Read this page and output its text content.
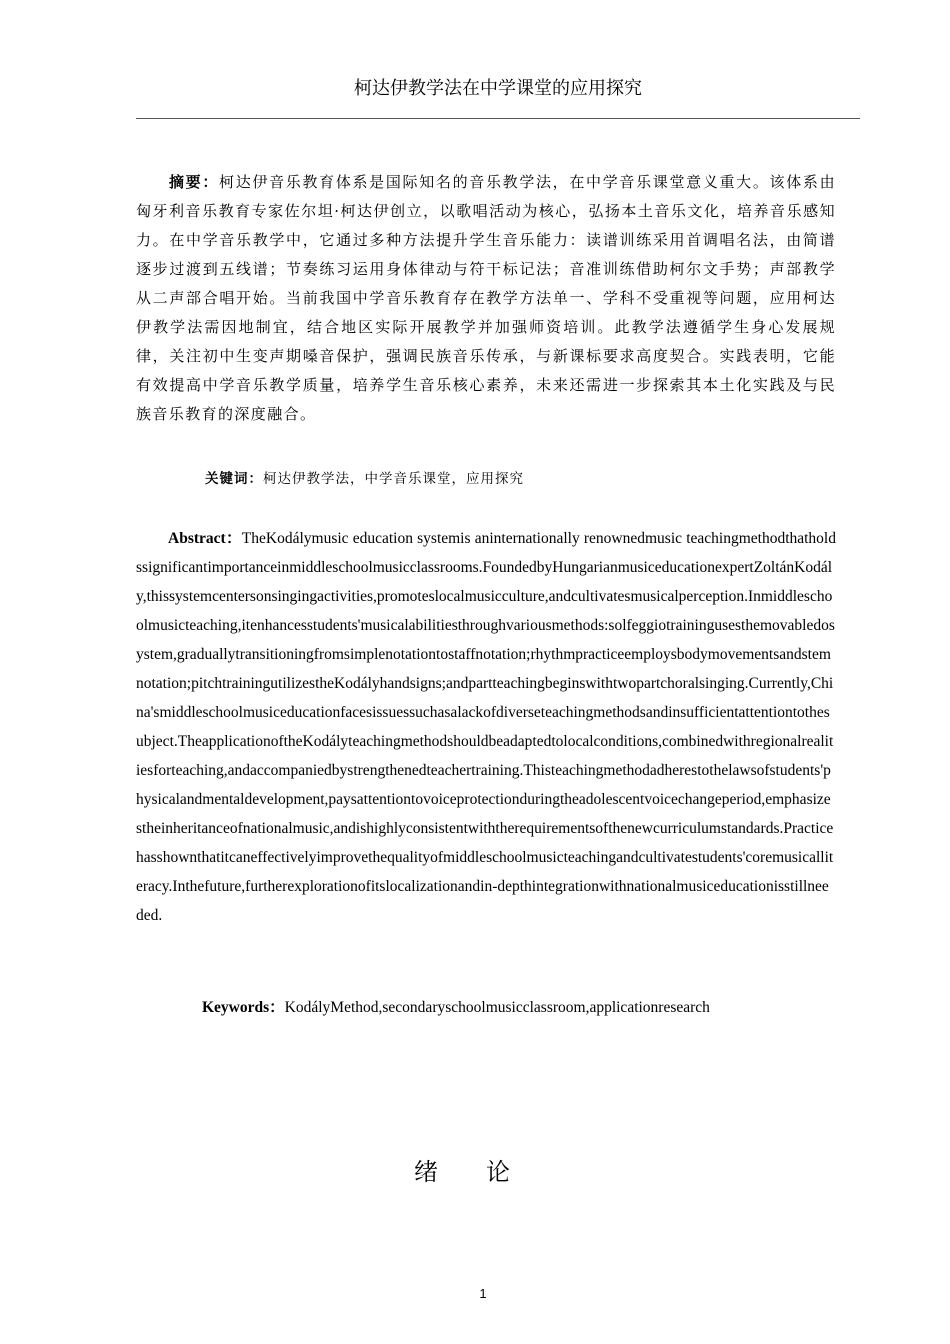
柯达伊教学法在中学课堂的应用探究

摘要：柯达伊音乐教育体系是国际知名的音乐教学法，在中学音乐课堂意义重大。该体系由匈牙利音乐教育专家佐尔坦·柯达伊创立，以歌唱活动为核心，弘扬本土音乐文化，培养音乐感知力。在中学音乐教学中，它通过多种方法提升学生音乐能力：读谱训练采用首调唱名法，由简谱逐步过渡到五线谱；节奏练习运用身体律动与符干标记法；音准训练借助柯尔文手势；声部教学从二声部合唱开始。当前我国中学音乐教育存在教学方法单一、学科不受重视等问题，应用柯达伊教学法需因地制宜，结合地区实际开展教学并加强师资培训。此教学法遵循学生身心发展规律，关注初中生变声期嗓音保护，强调民族音乐传承，与新课标要求高度契合。实践表明，它能有效提高中学音乐教学质量，培养学生音乐核心素养，未来还需进一步探索其本土化实践及与民族音乐教育的深度融合。

关键词：柯达伊教学法，中学音乐课堂，应用探究

Abstract：TheKodálymusic education systemis aninternationally renownedmusic teachingmethodthatholdssignificantimportanceinmiddleschoolmusicclassrooms.FoundedbyHungarianmusiceducationexpertZoltánKodály,thissystemcentersonsingingactivities,promoteslocalmusicculture,andcultivatesmusicalperception.Inmiddleschoolmusicteaching,itenhancesstudents'musicalabilitiesthroughvariousmethods:solfeggiotrainingusesthemovabledosystem,graduallytransitioningfromsimplenotationtostaffnotation;rhythmpracticeemploysbodymovementsandstemnotation;pitchtrainingutilizestheKodályhandsigns;andpartteachingbeginswithtwopartchoralsinging.Currently,China'smiddleschoolmusiceducationfacesissuessuchasalackofdiverseteachingmethodsandinsufficientattentiontothesubject.TheapplicationoftheKodályteachingmethodshouldbeadaptedtolocalconditions,combinedwithregionalrealitiesforteaching,andaccompaniedbystrengthenedteachertraining.Thisteachingmethodadherestothelawsofstudents'physicalandmentaldevelopment,paysattentiontovoiceprotectionduringtheadolescentvoicechangeperiod,emphasizestheinheritanceofnationalmusic,andishighlyconsistentwiththerequirementsofthenewcurriculumstandards.Practicehasshownthatitcaneffectivelyimprovethequalityofmiddleschoolmusicteachingandcultivatestudents'coremusicalliteracy.Inthefuture,furtherexplorationofitslocalizationandin-depthintegrationwithnationalmusiceducationisstillneeded.

Keywords：KodályMethod,secondaryschoolmusicclassroom,applicationresearch

绪论
1
